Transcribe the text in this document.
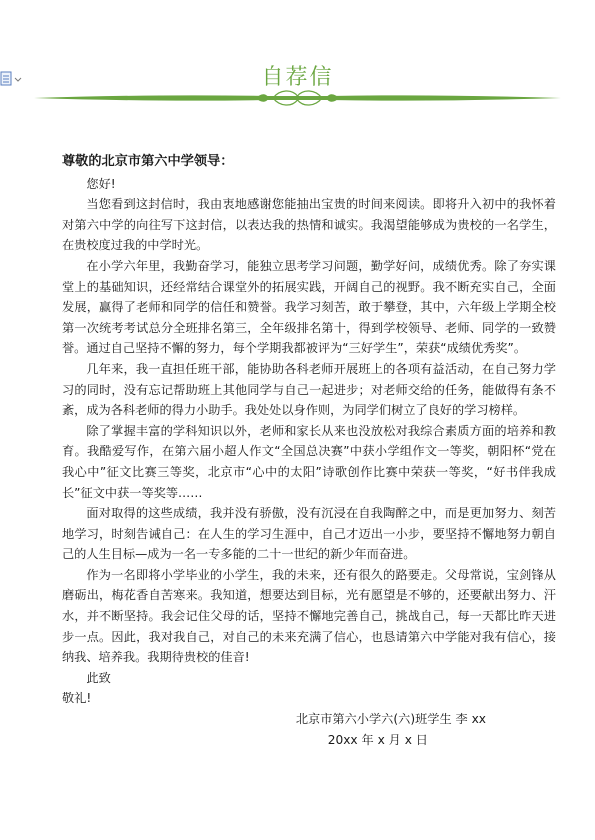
自荐信
尊敬的北京市第六中学领导：

您好!

当您看到这封信时，我由衷地感谢您能抽出宝贵的时间来阅读。即将升入初中的我怀着对第六中学的向往写下这封信，以表达我的热情和诚实。我渴望能够成为贵校的一名学生，在贵校度过我的中学时光。

在小学六年里，我勤奋学习，能独立思考学习问题，勤学好问，成绩优秀。除了夯实课堂上的基础知识，还经常结合课堂外的拓展实践，开阔自己的视野。我不断充实自己，全面发展，赢得了老师和同学的信任和赞誉。我学习刻苦，敢于攀登，其中，六年级上学期全校第一次统考考试总分全班排名第三，全年级排名第十，得到学校领导、老师、同学的一致赞誉。通过自己坚持不懈的努力，每个学期我都被评为“三好学生”，荣获“成绩优秀奖”。

几年来，我一直担任班干部，能协助各科老师开展班上的各项有益活动，在自己努力学习的同时，没有忘记帮助班上其他同学与自己一起进步；对老师交给的任务，能做得有条不紊，成为各科老师的得力小助手。我处处以身作则，为同学们树立了良好的学习榜样。

除了掌握丰富的学科知识以外，老师和家长从来也没放松对我综合素质方面的培养和教育。我酷爱写作，在第六届小超人作文“全国总决赛”中获小学组作文一等奖，朝阳杯“党在我心中”征文比赛三等奖，北京市“心中的太阳”诗歌创作比赛中荣获一等奖，“好书伴我成长”征文中获一等奖等……

面对取得的这些成绩，我并没有骄傲，没有沉浸在自我陶醉之中，而是更加努力、刻苦地学习，时刻告诫自己：在人生的学习生涯中，自己才迈出一小步，要坚持不懈地努力朝自己的人生目标—成为一名一专多能的二十一世纪的新少年而奋进。

作为一名即将小学毕业的小学生，我的未来，还有很久的路要走。父母常说，宝剑锋从磨砺出，梅花香自苦寒来。我知道，想要达到目标，光有愿望是不够的，还要献出努力、汗水，并不断坚持。我会记住父母的话，坚持不懈地完善自己，挑战自己，每一天都比昨天进步一点。因此，我对我自己，对自己的未来充满了信心，也恳请第六中学能对我有信心，接纳我、培养我。我期待贵校的佳音!

此致

敬礼!

北京市第六小学六(六)班学生 李 xx

20xx 年 x 月 x 日
